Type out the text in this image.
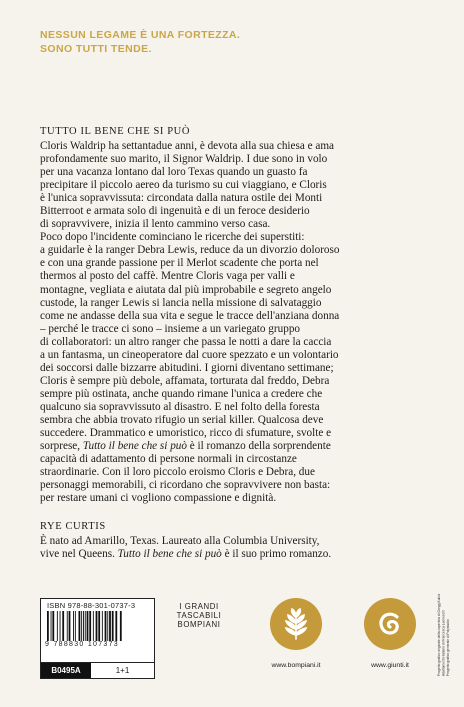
NESSUN LEGAME È UNA FORTEZZA.
SONO TUTTI TENDE.
TUTTO IL BENE CHE SI PUÒ
Cloris Waldrip ha settantadue anni, è devota alla sua chiesa e ama
profondamente suo marito, il Signor Waldrip. I due sono in volo
per una vacanza lontano dal loro Texas quando un guasto fa
precipitare il piccolo aereo da turismo su cui viaggiano, e Cloris
è l'unica sopravvissuta: circondata dalla natura ostile dei Monti
Bitterroot e armata solo di ingenuità e di un feroce desiderio
di sopravvivere, inizia il lento cammino verso casa.
Poco dopo l'incidente cominciano le ricerche dei superstiti:
a guidarle è la ranger Debra Lewis, reduce da un divorzio doloroso
e con una grande passione per il Merlot scadente che porta nel
thermos al posto del caffè. Mentre Cloris vaga per valli e
montagne, vegliata e aiutata dal più improbabile e segreto angelo
custode, la ranger Lewis si lancia nella missione di salvataggio
come ne andasse della sua vita e segue le tracce dell'anziana donna
– perché le tracce ci sono – insieme a un variegato gruppo
di collaboratori: un altro ranger che passa le notti a dare la caccia
a un fantasma, un cineoperatore dal cuore spezzato e un volontario
dei soccorsi dalle bizzarre abitudini. I giorni diventano settimane;
Cloris è sempre più debole, affamata, torturata dal freddo, Debra
sempre più ostinata, anche quando rimane l'unica a credere che
qualcuno sia sopravvissuto al disastro. E nel folto della foresta
sembra che abbia trovato rifugio un serial killer. Qualcosa deve
succedere. Drammatico e umoristico, ricco di sfumature, svolte e
sorprese, Tutto il bene che si può è il romanzo della sorprendente
capacità di adattamento di persone normali in circostanze
straordinarie. Con il loro piccolo eroismo Cloris e Debra, due
personaggi memorabili, ci ricordano che sopravvivere non basta:
per restare umani ci vogliono compassione e dignità.
RYE CURTIS
È nato ad Amarillo, Texas. Laureato alla Columbia University,
vive nel Queens. Tutto il bene che si può è il suo primo romanzo.
Progetto grafico originale della copertina di Gregg Kulick Adattamento italiano di Francesca Leoneschi Progetto grafico generale di Polystudio
ISBN 978-88-301-0737-3
9 788830 107373
B0495A	1+1
I GRANDI
TASCABILI
BOMPIANI
www.bompiani.it	www.giunti.it
